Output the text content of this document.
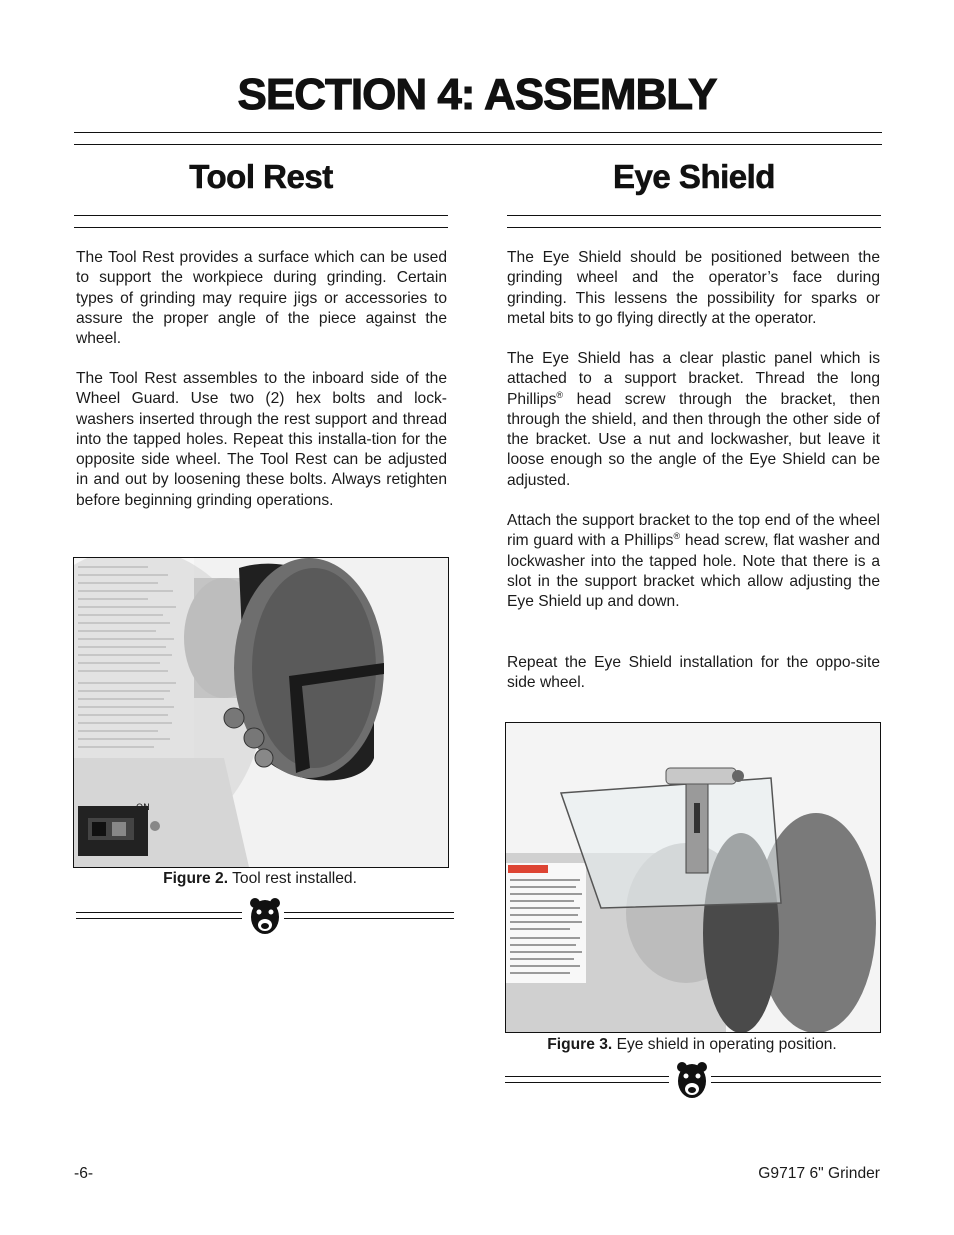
SECTION 4: ASSEMBLY
Tool Rest
The Tool Rest provides a surface which can be used to support the workpiece during grinding. Certain types of grinding may require jigs or accessories to assure the proper angle of the piece against the wheel.
The Tool Rest assembles to the inboard side of the Wheel Guard. Use two (2) hex bolts and lock-washers inserted through the rest support and thread into the tapped holes. Repeat this installa-tion for the opposite side wheel. The Tool Rest can be adjusted in and out by loosening these bolts. Always retighten before beginning grinding operations.
ON
Figure 2. Tool rest installed.
Eye Shield
The Eye Shield should be positioned between the grinding wheel and the operator’s face during grinding. This lessens the possibility for sparks or metal bits to go flying directly at the operator.
The Eye Shield has a clear plastic panel which is attached to a support bracket. Thread the long Phillips® head screw through the bracket, then through the shield, and then through the other side of the bracket. Use a nut and lockwasher, but leave it loose enough so the angle of the Eye Shield can be adjusted.
Attach the support bracket to the top end of the wheel rim guard with a Phillips® head screw, flat washer and lockwasher into the tapped hole. Note that there is a slot in the support bracket which allow adjusting the Eye Shield up and down.
Repeat the Eye Shield installation for the oppo-site side wheel.
Figure 3. Eye shield in operating position.
-6-	G9717 6" Grinder
